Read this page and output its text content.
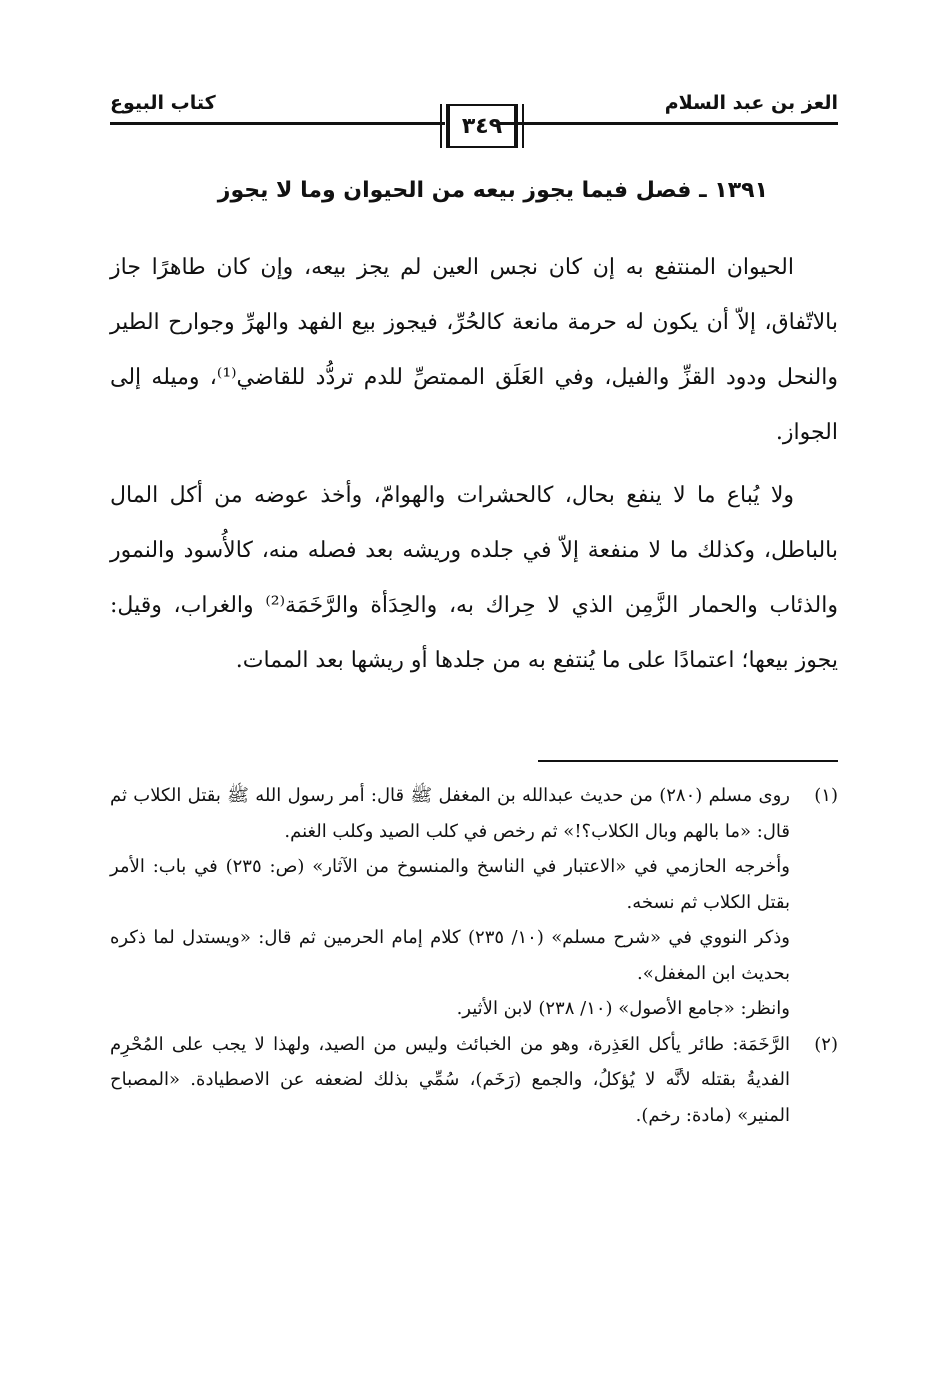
العز بن عبد السلام
٣٤٩
كتاب البيوع
١٣٩١ ـ فصل فيما يجوز بيعه من الحيوان وما لا يجوز

الحيوان المنتفع به إن كان نجس العين لم يجز بيعه، وإن كان طاهرًا جاز بالاتّفاق، إلاّ أن يكون له حرمة مانعة كالحُرِّ، فيجوز بيع الفهد والهرِّ وجوارح الطير والنحل ودود القزِّ والفيل، وفي العَلَق الممتصِّ للدم تردُّد للقاضي⁽¹⁾، وميله إلى الجواز.

ولا يُباع ما لا ينفع بحال، كالحشرات والهوامّ، وأخذ عوضه من أكل المال بالباطل، وكذلك ما لا منفعة إلاّ في جلده وريشه بعد فصله منه، كالأُسود والنمور والذئاب والحمار الزَّمِن الذي لا حِراك به، والحِدَأة والرَّخَمَة⁽²⁾ والغراب، وقيل: يجوز بيعها؛ اعتمادًا على ما يُنتفع به من جلدها أو ريشها بعد الممات.

(١)

روى مسلم (٢٨٠) من حديث عبدالله بن المغفل ﷺ قال: أمر رسول الله ﷺ بقتل الكلاب ثم قال: «ما بالهم وبال الكلاب؟!» ثم رخص في كلب الصيد وكلب الغنم.

وأخرجه الحازمي في «الاعتبار في الناسخ والمنسوخ من الآثار» (ص: ٢٣٥) في باب: الأمر بقتل الكلاب ثم نسخه.

وذكر النووي في «شرح مسلم» (١٠/ ٢٣٥) كلام إمام الحرمين ثم قال: «ويستدل لما ذكره بحديث ابن المغفل».

وانظر: «جامع الأصول» (١٠/ ٢٣٨) لابن الأثير.

(٢)

الرَّخَمَة: طائر يأكل العَذِرة، وهو من الخبائث وليس من الصيد، ولهذا لا يجب على المُحْرِم الفديةُ بقتله لأنَّه لا يُؤكلُ، والجمع (رَخَم)، سُمِّي بذلك لضعفه عن الاصطيادة. «المصباح المنير» (مادة: رخم).
